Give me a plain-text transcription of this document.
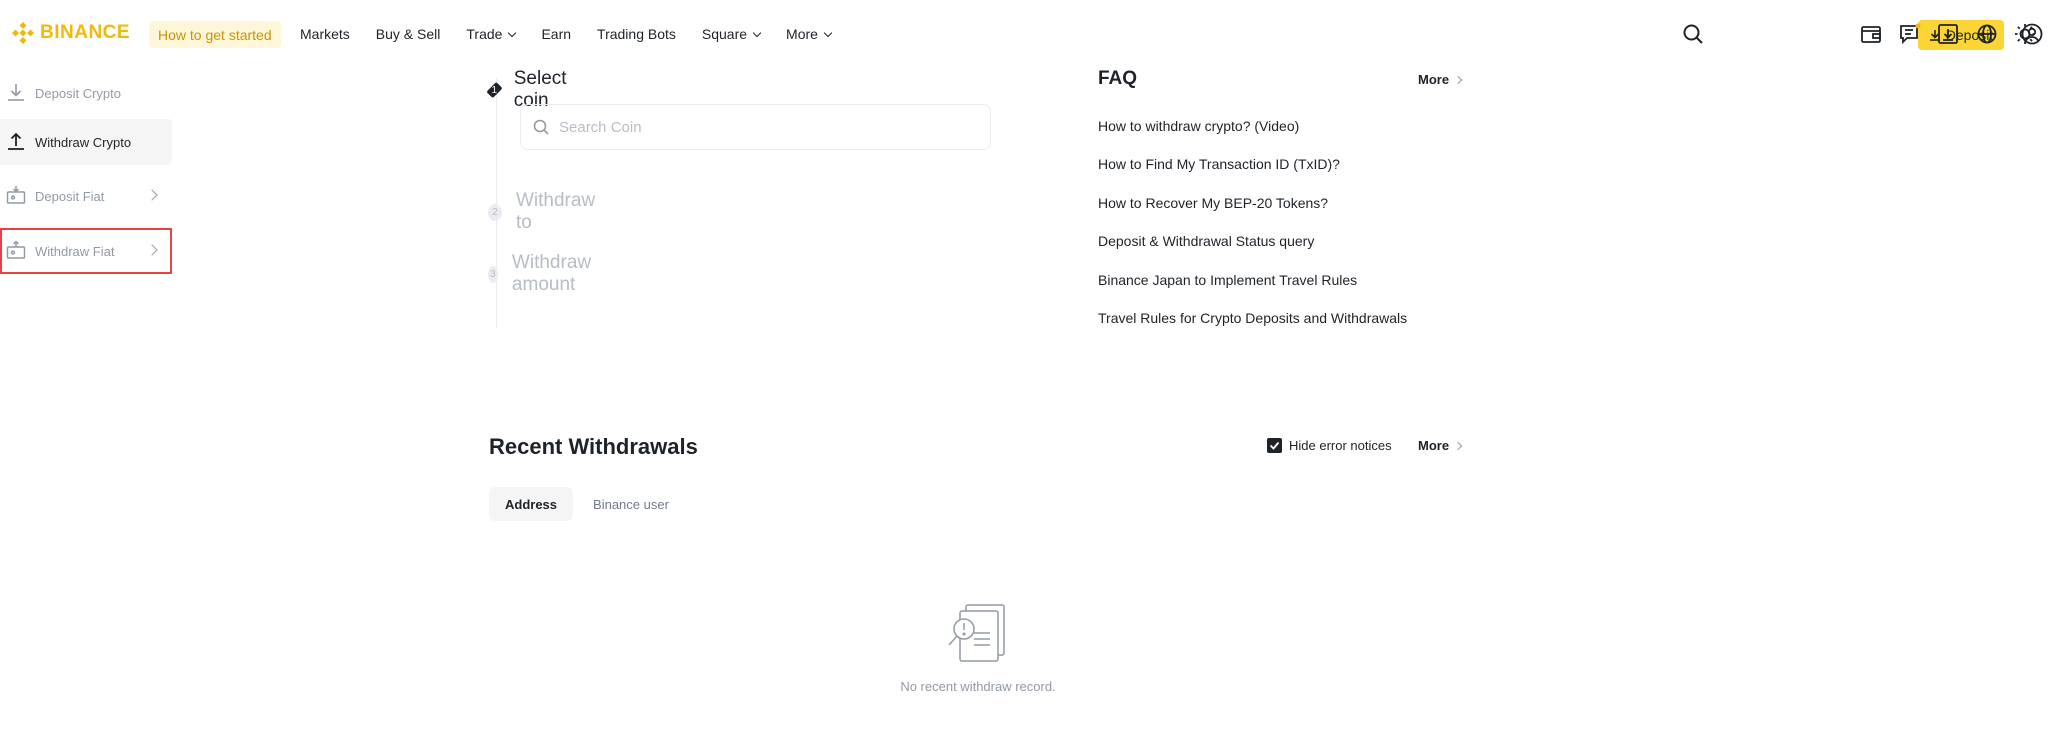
BINANCE	How to get started	Markets Buy & Sell Trade	Earn Trading Bots Square	More	Deposit
Deposit Crypto
Withdraw Crypto
Deposit Fiat
Withdraw Fiat
1
Select coin
2
Withdraw to
3
Withdraw amount
Search Coin
FAQ	More
How to withdraw crypto? (Video)
How to Find My Transaction ID (TxID)?
How to Recover My BEP-20 Tokens?
Deposit & Withdrawal Status query
Binance Japan to Implement Travel Rules
Travel Rules for Crypto Deposits and Withdrawals
Recent Withdrawals	Hide error notices More
Address	Binance user
No recent withdraw record.
